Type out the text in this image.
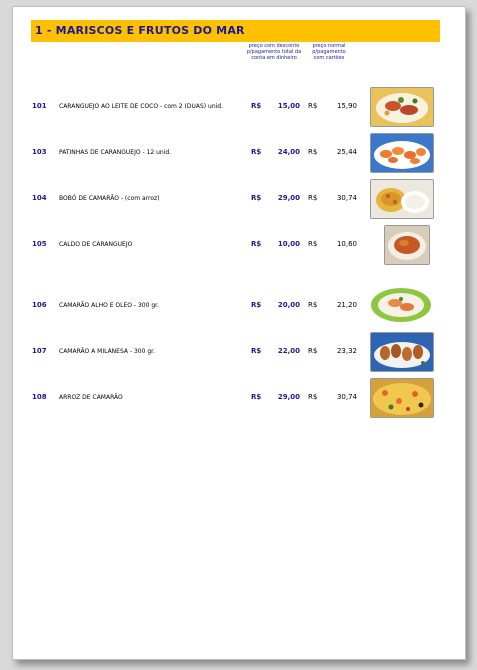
1 - MARISCOS E FRUTOS DO MAR
preço com desconto p/pagamento total da conta em dinheiro
preço normal p/pagamento com cartões
101 CARANGUEJO AO LEITE DE COCO - com 2 (DUAS) unid.	R$	15,00 R$	15,90
103 PATINHAS DE CARANGUEJO - 12 unid.	R$	24,00 R$	25,44
104 BOBÓ DE CAMARÃO - (com arroz)	R$	29,00 R$	30,74
105 CALDO DE CARANGUEJO	R$	10,00 R$	10,60
106 CAMARÃO ALHO E OLEO - 300 gr.	R$	20,00 R$	21,20
107 CAMARÃO A MILANESA - 300 gr.	R$	22,00 R$	23,32
108 ARROZ DE CAMARÃO	R$	29,00 R$	30,74
